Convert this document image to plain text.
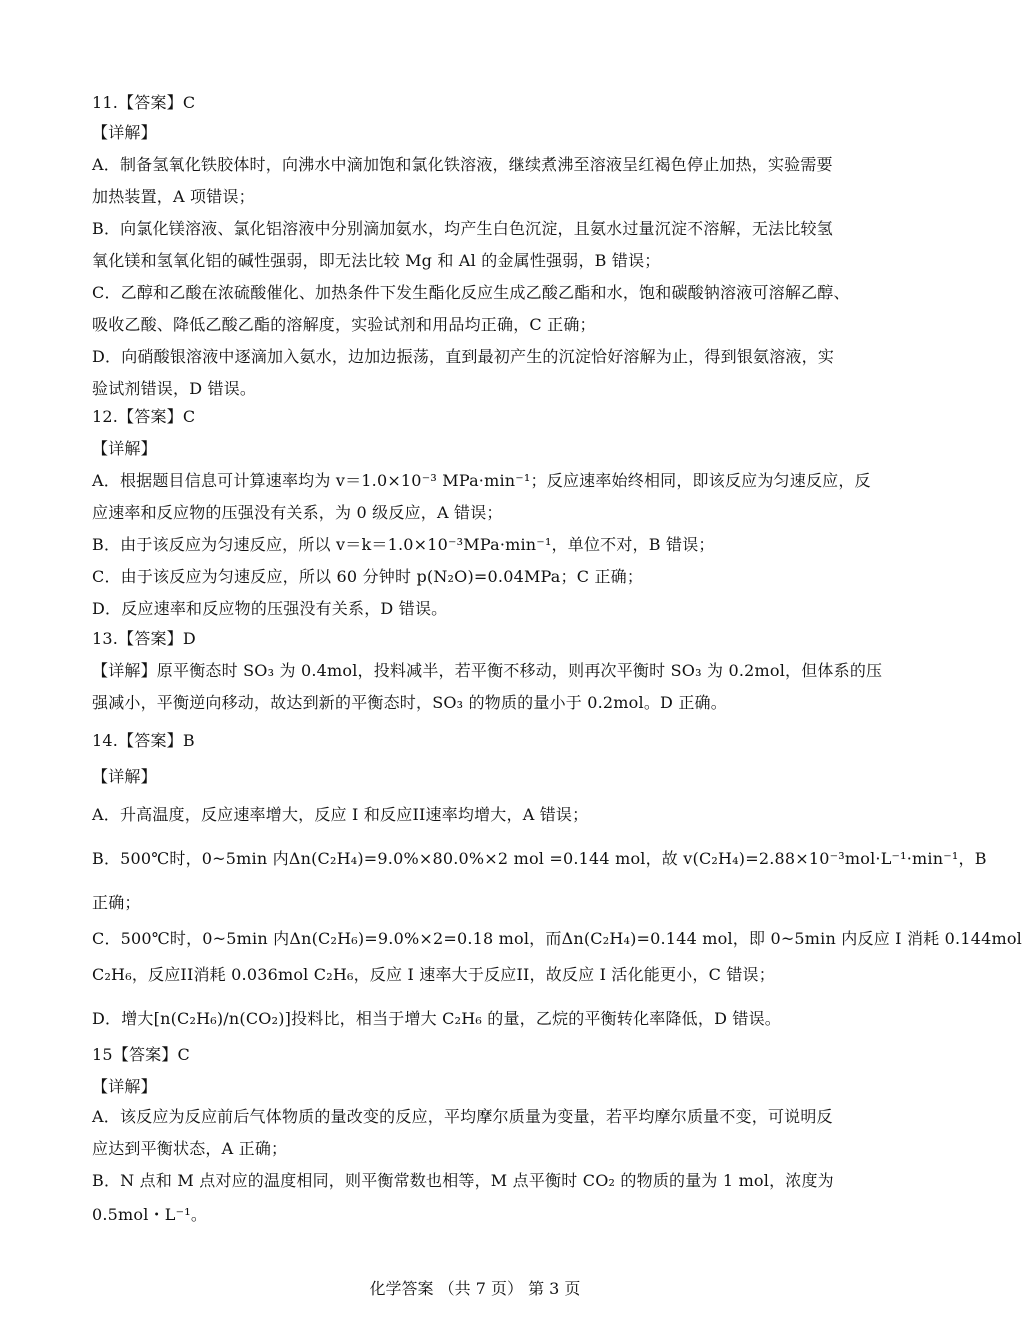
11.【答案】C
【详解】
A．制备氢氧化铁胶体时，向沸水中滴加饱和氯化铁溶液，继续煮沸至溶液呈红褐色停止加热，实验需要
加热装置，A 项错误；
B．向氯化镁溶液、氯化铝溶液中分别滴加氨水，均产生白色沉淀，且氨水过量沉淀不溶解，无法比较氢
氧化镁和氢氧化铝的碱性强弱，即无法比较 Mg 和 Al 的金属性强弱，B 错误；
C．乙醇和乙酸在浓硫酸催化、加热条件下发生酯化反应生成乙酸乙酯和水，饱和碳酸钠溶液可溶解乙醇、
吸收乙酸、降低乙酸乙酯的溶解度，实验试剂和用品均正确，C 正确；
D．向硝酸银溶液中逐滴加入氨水，边加边振荡，直到最初产生的沉淀恰好溶解为止，得到银氨溶液，实
验试剂错误，D 错误。
12.【答案】C
【详解】
A．根据题目信息可计算速率均为 v＝1.0×10⁻³ MPa·min⁻¹；反应速率始终相同，即该反应为匀速反应，反
应速率和反应物的压强没有关系，为 0 级反应，A 错误；
B．由于该反应为匀速反应，所以 v＝k＝1.0×10⁻³MPa·min⁻¹，单位不对，B 错误；
C．由于该反应为匀速反应，所以 60 分钟时 p(N₂O)=0.04MPa；C 正确；
D．反应速率和反应物的压强没有关系，D 错误。
13.【答案】D
【详解】原平衡态时 SO₃ 为 0.4mol，投料减半，若平衡不移动，则再次平衡时 SO₃ 为 0.2mol，但体系的压
强减小，平衡逆向移动，故达到新的平衡态时，SO₃ 的物质的量小于 0.2mol。D 正确。
14.【答案】B
【详解】
A．升高温度，反应速率增大，反应 I 和反应II速率均增大，A 错误；
B．500℃时，0~5min 内Δn(C₂H₄)=9.0%×80.0%×2 mol =0.144 mol，故 v(C₂H₄)=2.88×10⁻³mol·L⁻¹·min⁻¹，B
正确；
C．500℃时，0~5min 内Δn(C₂H₆)=9.0%×2=0.18 mol，而Δn(C₂H₄)=0.144 mol，即 0~5min 内反应 I 消耗 0.144mol
C₂H₆，反应II消耗 0.036mol C₂H₆，反应 I 速率大于反应II，故反应 I 活化能更小，C 错误；
D．增大[n(C₂H₆)/n(CO₂)]投料比，相当于增大 C₂H₆ 的量，乙烷的平衡转化率降低，D 错误。
15【答案】C
【详解】
A．该反应为反应前后气体物质的量改变的反应，平均摩尔质量为变量，若平均摩尔质量不变，可说明反
应达到平衡状态，A 正确；
B．N 点和 M 点对应的温度相同，则平衡常数也相等，M 点平衡时 CO₂ 的物质的量为 1 mol，浓度为
0.5mol・L⁻¹。
化学答案 （共 7 页） 第 3 页
